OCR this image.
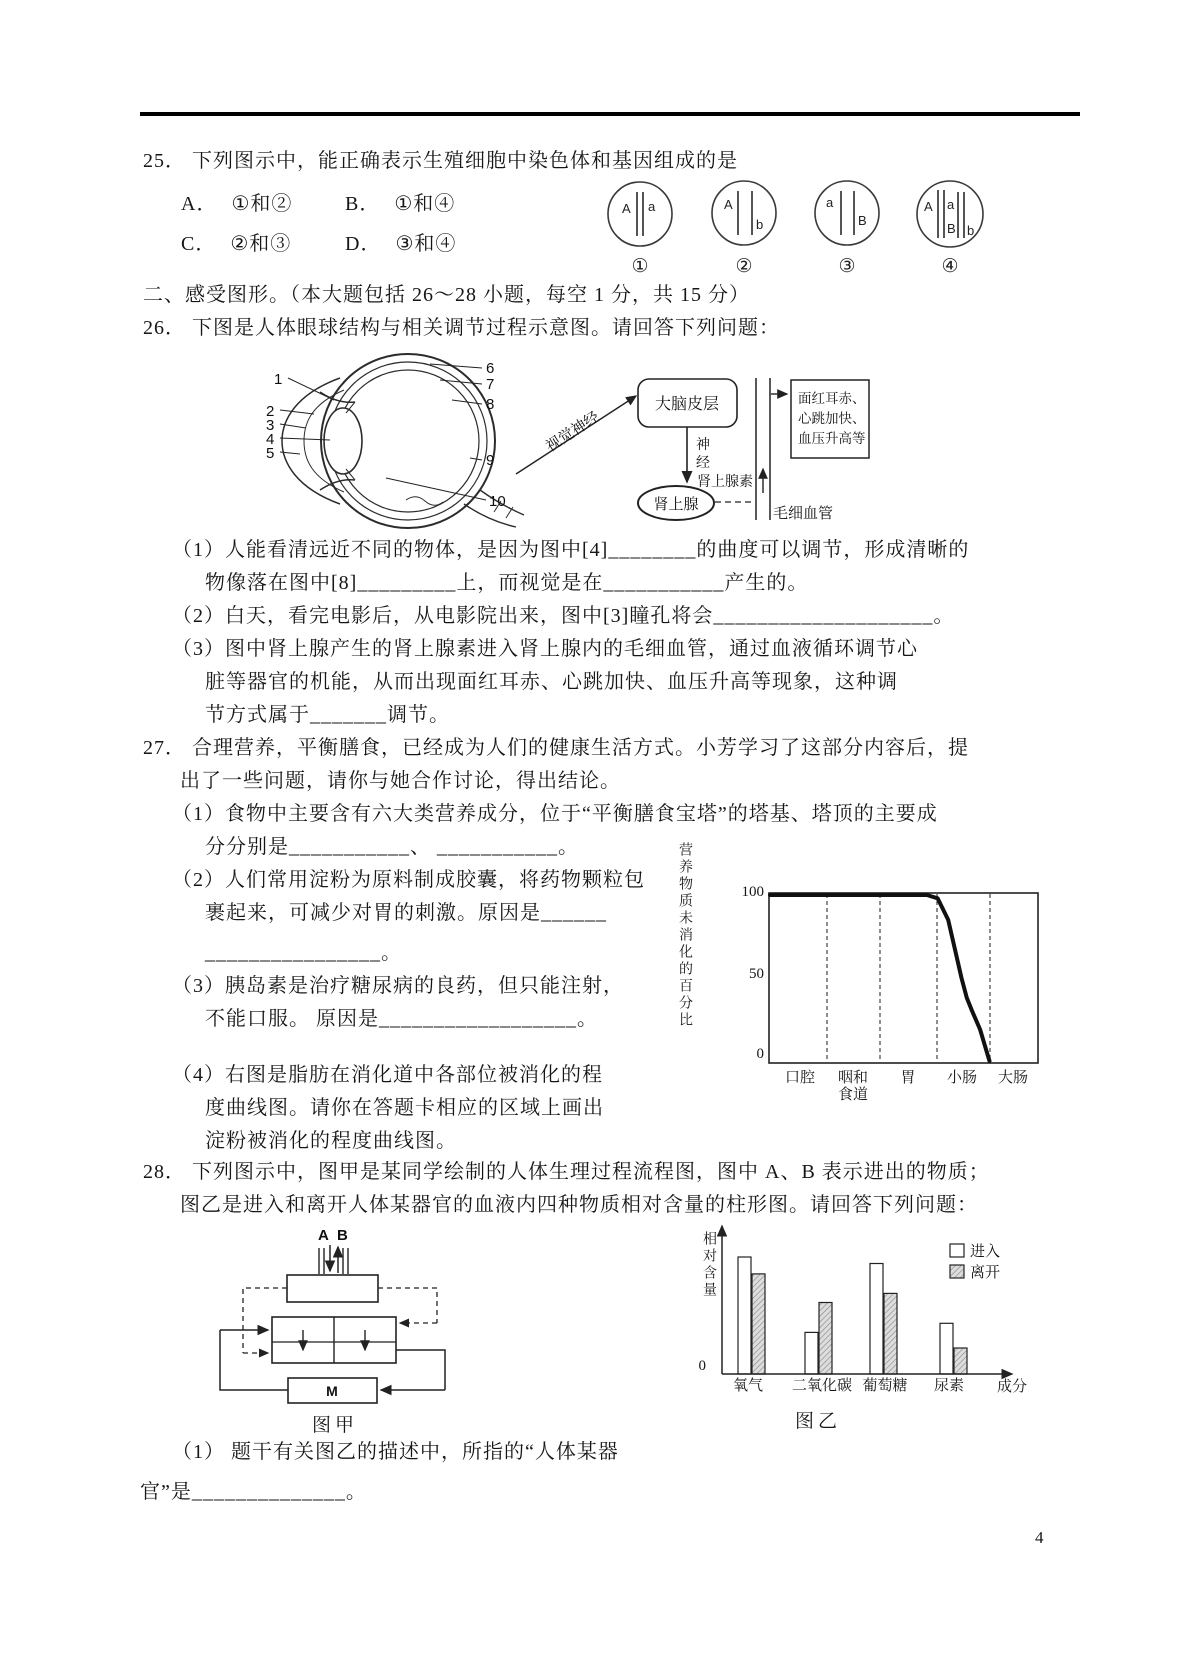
25． 下列图示中，能正确表示生殖细胞中染色体和基因组成的是
A． ①和②	B． ①和④
C． ②和③	D． ③和④
A a	A
b
a
B
A a
B b
①	②	③	④
二、感受图形。（本大题包括 26～28 小题，每空 1 分，共 15 分）
26． 下图是人体眼球结构与相关调节过程示意图。请回答下列问题：
1
2
3
4
5
6
7
8
9
10
视觉神经
大脑皮层
神
经
肾上腺素
肾上腺
毛细血管
面红耳赤、
心跳加快、
血压升高等
（1）人能看清远近不同的物体，是因为图中[4]________的曲度可以调节，形成清晰的
物像落在图中[8]_________上，而视觉是在___________产生的。
（2）白天，看完电影后，从电影院出来，图中[3]瞳孔将会____________________。
（3）图中肾上腺产生的肾上腺素进入肾上腺内的毛细血管，通过血液循环调节心
脏等器官的机能，从而出现面红耳赤、心跳加快、血压升高等现象，这种调
节方式属于_______调节。
27． 合理营养，平衡膳食，已经成为人们的健康生活方式。小芳学习了这部分内容后，提
出了一些问题，请你与她合作讨论，得出结论。
（1）食物中主要含有六大类营养成分，位于“平衡膳食宝塔”的塔基、塔顶的主要成
分分别是___________、 ___________。
（2）人们常用淀粉为原料制成胶囊，将药物颗粒包
裹起来，可减少对胃的刺激。原因是______
________________。
（3）胰岛素是治疗糖尿病的良药，但只能注射，
不能口服。 原因是__________________。
（4）右图是脂肪在消化道中各部位被消化的程
度曲线图。请你在答题卡相应的区域上画出
淀粉被消化的程度曲线图。
营养物质未消化的百分比	100
50
0
口腔 咽和食道
胃 小肠 大肠
28． 下列图示中，图甲是某同学绘制的人体生理过程流程图，图中 A、B 表示进出的物质；
图乙是进入和离开人体某器官的血液内四种物质相对含量的柱形图。请回答下列问题：
A B
M
图甲
相对含量	进入
离开
0
氧气 二氧化碳 葡萄糖 尿素 成分
图乙
（1） 题干有关图乙的描述中，所指的“人体某器
官”是______________。
4
